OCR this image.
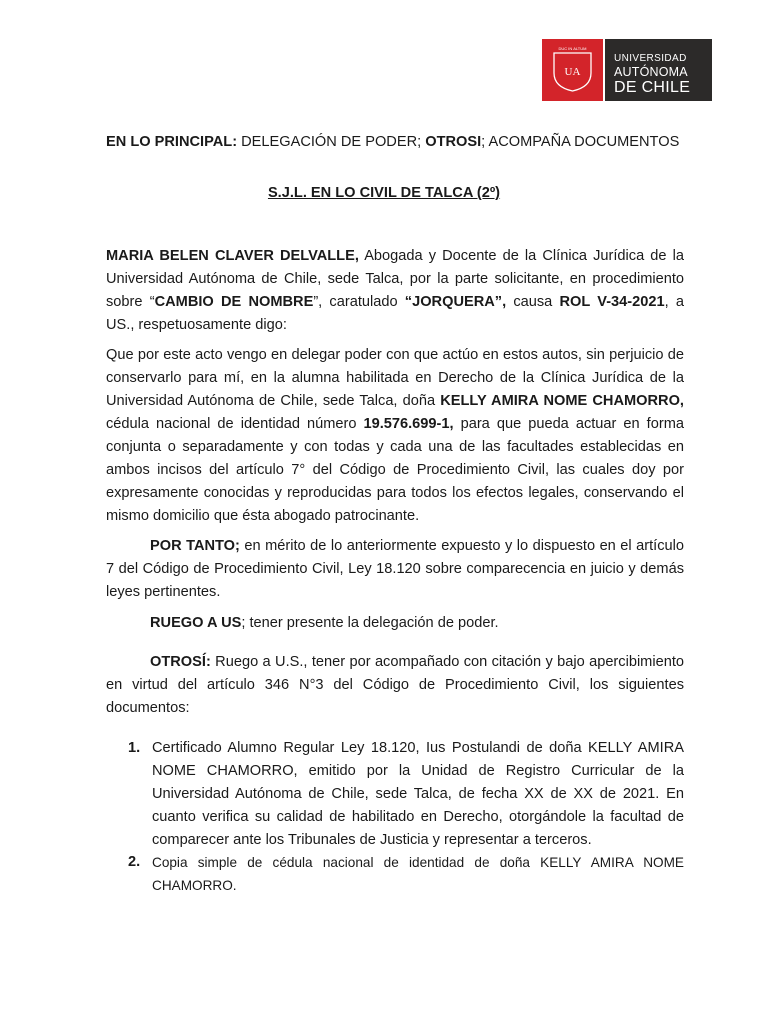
DUC IN ALTUM
UA
UNIVERSIDAD
AUTÓNOMA
DE CHILE
EN LO PRINCIPAL: DELEGACIÓN DE PODER; OTROSI; ACOMPAÑA DOCUMENTOS
S.J.L. EN LO CIVIL DE TALCA (2º)
MARIA BELEN CLAVER DELVALLE, Abogada y Docente de la Clínica Jurídica de la Universidad Autónoma de Chile, sede Talca, por la parte solicitante, en procedimiento sobre “CAMBIO DE NOMBRE”, caratulado “JORQUERA”, causa ROL V-34-2021, a US., respetuosamente digo:
Que por este acto vengo en delegar poder con que actúo en estos autos, sin perjuicio de conservarlo para mí, en la alumna habilitada en Derecho de la Clínica Jurídica de la Universidad Autónoma de Chile, sede Talca, doña KELLY AMIRA NOME CHAMORRO, cédula nacional de identidad número 19.576.699-1, para que pueda actuar en forma conjunta o separadamente y con todas y cada una de las facultades establecidas en ambos incisos del artículo 7° del Código de Procedimiento Civil, las cuales doy por expresamente conocidas y reproducidas para todos los efectos legales, conservando el mismo domicilio que ésta abogado patrocinante.
POR TANTO; en mérito de lo anteriormente expuesto y lo dispuesto en el artículo 7 del Código de Procedimiento Civil, Ley 18.120 sobre comparecencia en juicio y demás leyes pertinentes.
RUEGO A US; tener presente la delegación de poder.
OTROSÍ: Ruego a U.S., tener por acompañado con citación y bajo apercibimiento en virtud del artículo 346 N°3 del Código de Procedimiento Civil, los siguientes documentos:
1. Certificado Alumno Regular Ley 18.120, Ius Postulandi de doña KELLY AMIRA NOME CHAMORRO, emitido por la Unidad de Registro Curricular de la Universidad Autónoma de Chile, sede Talca, de fecha XX de XX de 2021. En cuanto verifica su calidad de habilitado en Derecho, otorgándole la facultad de comparecer ante los Tribunales de Justicia y representar a terceros.
2. Copia simple de cédula nacional de identidad de doña KELLY AMIRA NOME CHAMORRO.
